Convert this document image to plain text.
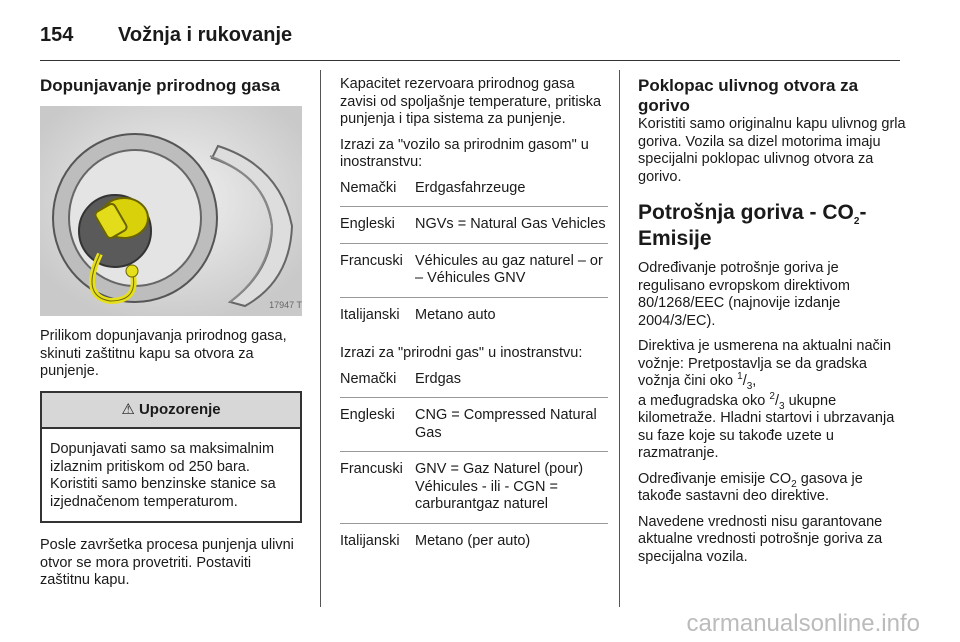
154 Vožnja i rukovanje
Dopunjavanje prirodnog gasa
17947 T

Prilikom dopunjavanja prirodnog gasa, skinuti zaštitnu kapu sa otvora za punjenje.

⚠ Upozorenje
Dopunjavati samo sa maksimalnim izlaznim pritiskom od 250 bara. Koristiti samo benzinske stanice sa izjednačenom temperaturom.

Posle završetka procesa punjenja ulivni otvor se mora provetriti. Postaviti zaštitnu kapu.

Kapacitet rezervoara prirodnog gasa zavisi od spoljašnje temperature, pritiska punjenja i tipa sistema za punjenje.

Izrazi za "vozilo sa prirodnim gasom" u inostranstvu:

Nemački	Erdgasfahrzeuge
Engleski	NGVs = Natural Gas Vehicles
Francuski Véhicules au gaz naturel – or – Véhicules GNV
Italijanski	Metano auto

Izrazi za "prirodni gas" u inostranstvu:

Nemački	Erdgas
Engleski	CNG = Compressed Natural Gas
Francuski GNV = Gaz Naturel (pour) Véhicules - ili - CGN = carburantgaz naturel
Italijanski	Metano (per auto)
Poklopac ulivnog otvora za gorivo

Koristiti samo originalnu kapu ulivnog grla goriva. Vozila sa dizel motorima imaju specijalni poklopac ulivnog otvora za gorivo.

Potrošnja goriva - $CO_2-$ Emisije

Određivanje potrošnje goriva je regulisano evropskom direktivom 80/1268/EEC (najnovije izdanje 2004/3/EC).

Direktiva je usmerena na aktualni način vožnje: Pretpostavlja se da gradska vožnja čini oko $^1/_3$,

a međugradska oko $^2/_3$ ukupne kilometraže. Hladni startovi i ubrzavanja su faze koje su takođe uzete u razmatranje.

Određivanje emisije $CO_2$ gasova je takođe sastavni deo direktive.

Navedene vrednosti nisu garantovane aktualne vrednosti potrošnje goriva za specijalna vozila.

carmanualsonline.info
